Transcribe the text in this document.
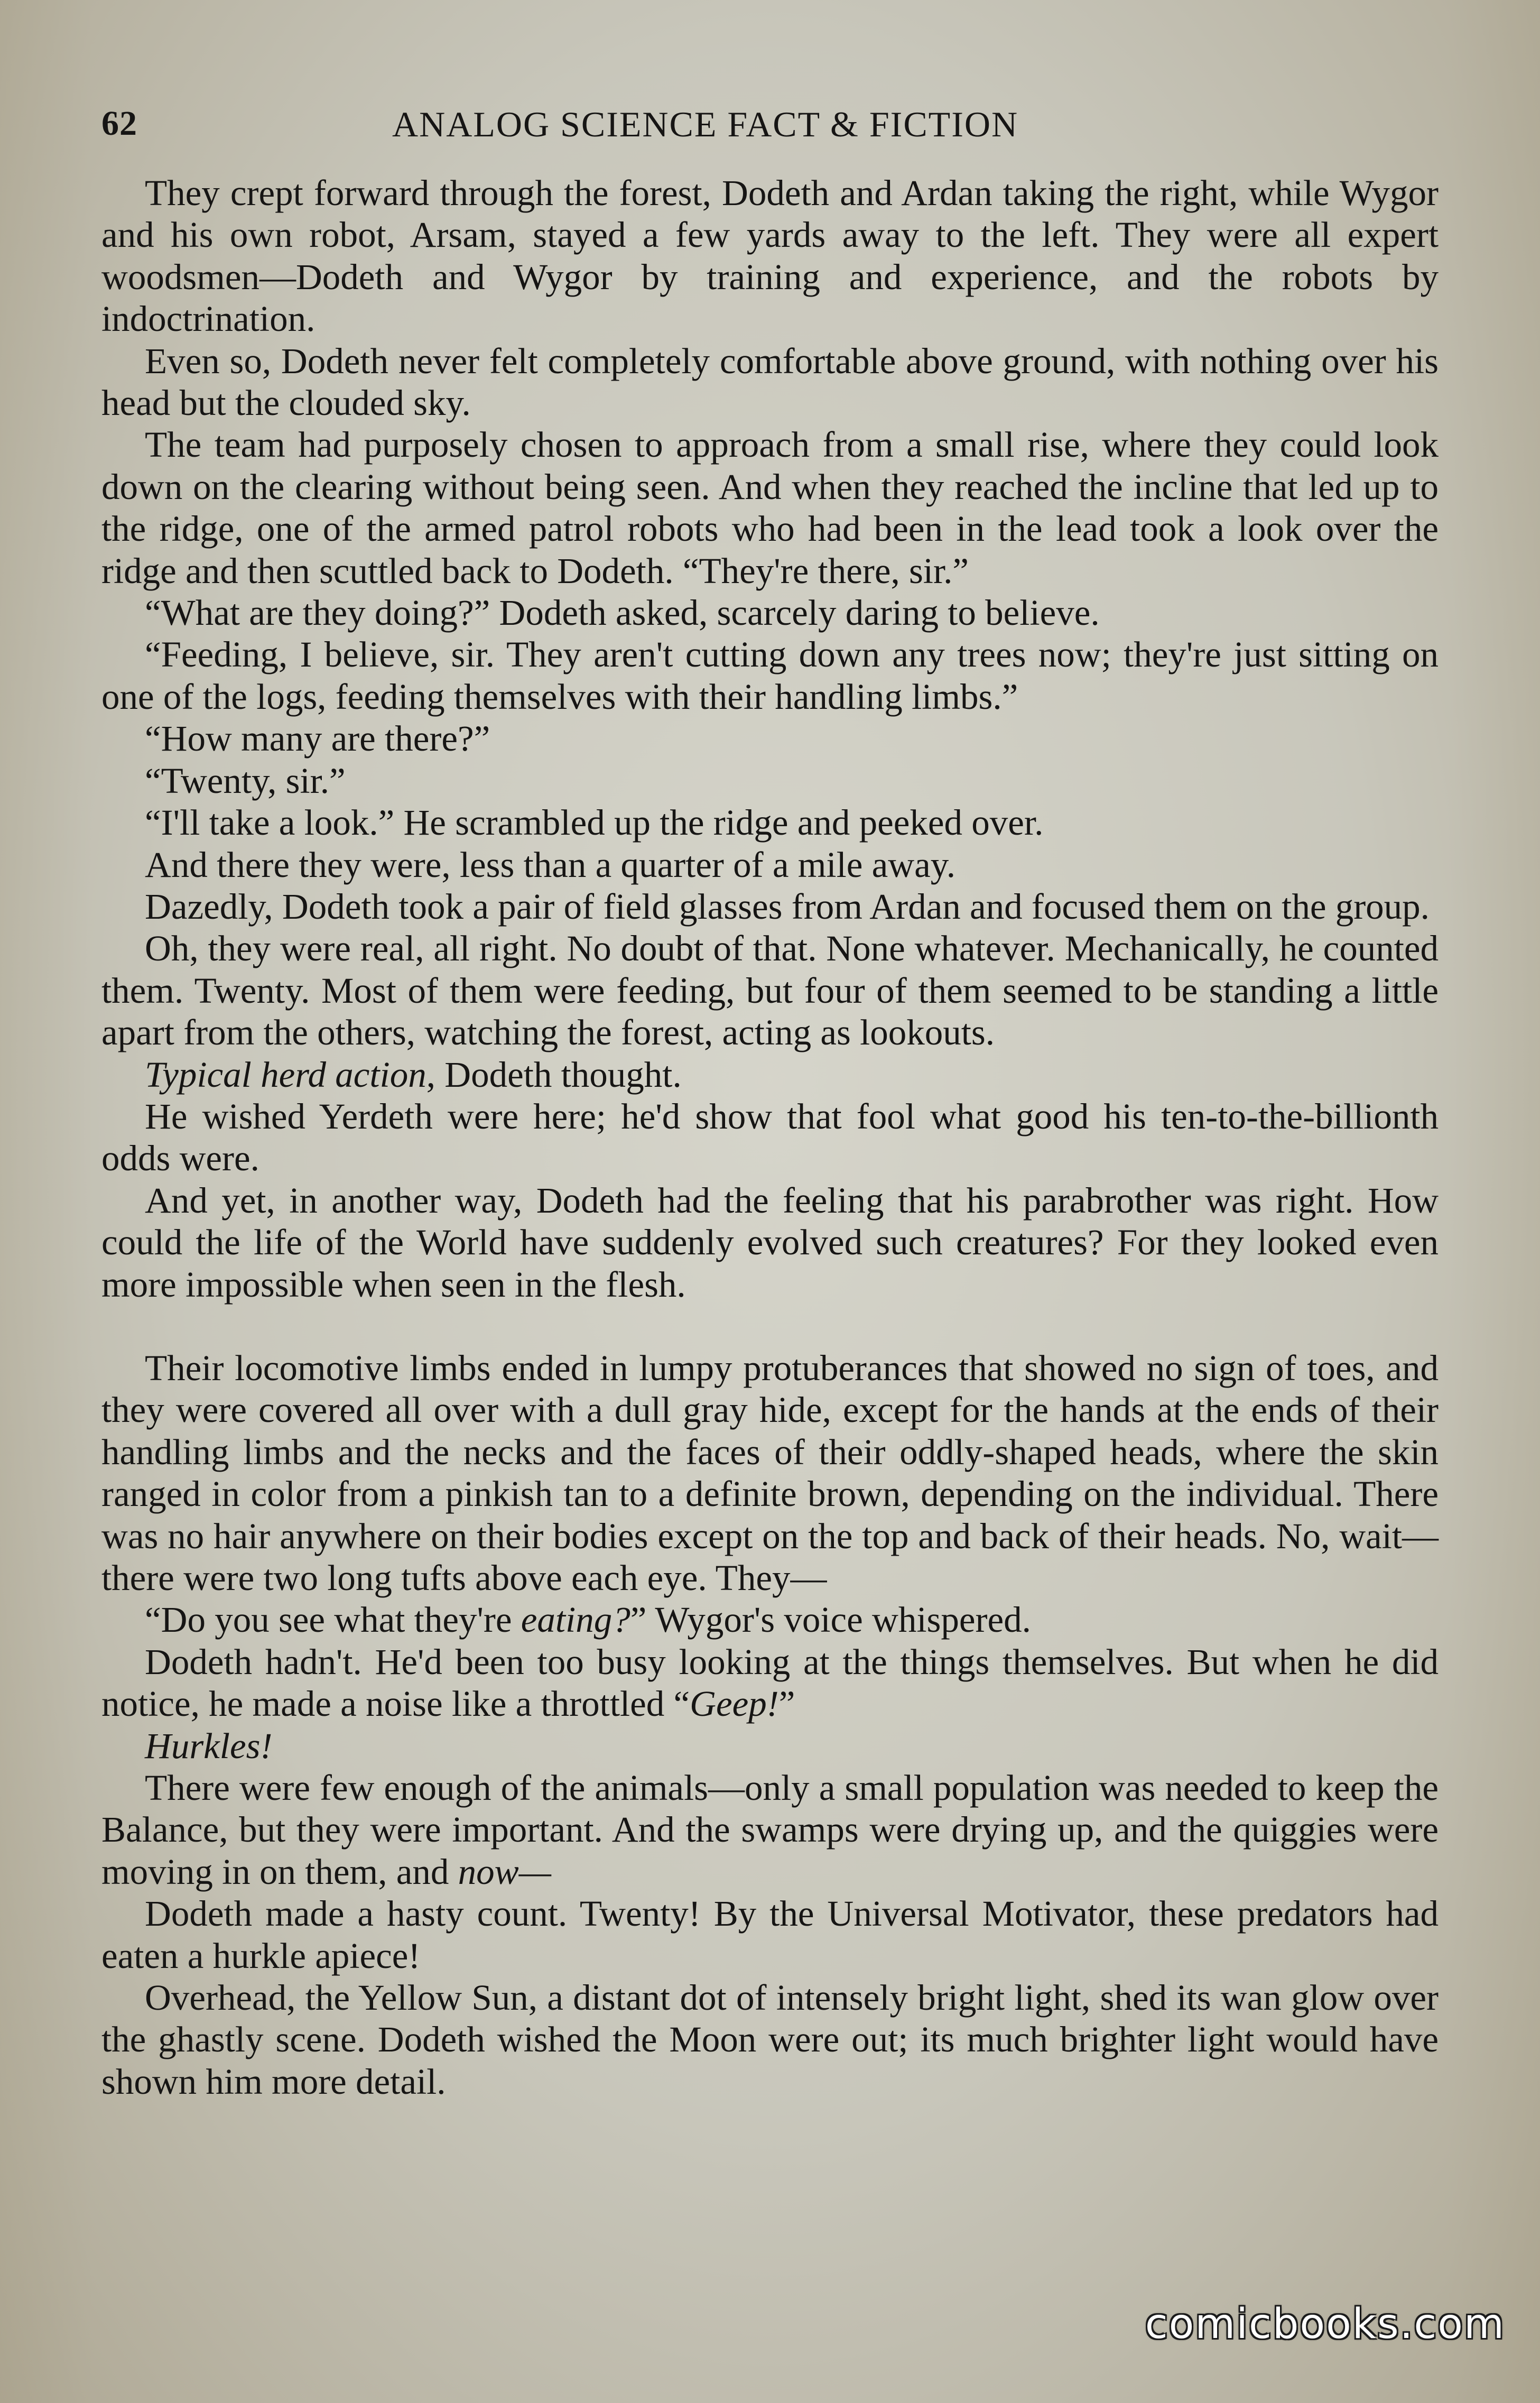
62	ANALOG SCIENCE FACT & FICTION

They crept forward through the forest, Dodeth and Ardan taking the right, while Wygor and his own robot, Arsam, stayed a few yards away to the left. They were all expert woodsmen—Dodeth and Wygor by training and experience, and the robots by indoctrination.

Even so, Dodeth never felt completely comfortable above ground, with nothing over his head but the clouded sky.

The team had purposely chosen to approach from a small rise, where they could look down on the clearing without being seen. And when they reached the incline that led up to the ridge, one of the armed patrol robots who had been in the lead took a look over the ridge and then scuttled back to Dodeth. “They're there, sir.”

“What are they doing?” Dodeth asked, scarcely daring to believe.

“Feeding, I believe, sir. They aren't cutting down any trees now; they're just sitting on one of the logs, feeding themselves with their handling limbs.”

“How many are there?”

“Twenty, sir.”

“I'll take a look.” He scrambled up the ridge and peeked over.

And there they were, less than a quarter of a mile away.

Dazedly, Dodeth took a pair of field glasses from Ardan and focused them on the group.

Oh, they were real, all right. No doubt of that. None whatever. Mechanically, he counted them. Twenty. Most of them were feeding, but four of them seemed to be standing a little apart from the others, watching the forest, acting as lookouts.

Typical herd action, Dodeth thought.

He wished Yerdeth were here; he'd show that fool what good his ten-to-the-billionth odds were.

And yet, in another way, Dodeth had the feeling that his parabrother was right. How could the life of the World have suddenly evolved such creatures? For they looked even more impossible when seen in the flesh.

Their locomotive limbs ended in lumpy protuberances that showed no sign of toes, and they were covered all over with a dull gray hide, except for the hands at the ends of their handling limbs and the necks and the faces of their oddly-shaped heads, where the skin ranged in color from a pinkish tan to a definite brown, depending on the individual. There was no hair anywhere on their bodies except on the top and back of their heads. No, wait—there were two long tufts above each eye. They—

“Do you see what they're eating?” Wygor's voice whispered.

Dodeth hadn't. He'd been too busy looking at the things themselves. But when he did notice, he made a noise like a throttled “Geep!”

Hurkles!

There were few enough of the animals—only a small population was needed to keep the Balance, but they were important. And the swamps were drying up, and the quiggies were moving in on them, and now—

Dodeth made a hasty count. Twenty! By the Universal Motivator, these predators had eaten a hurkle apiece!

Overhead, the Yellow Sun, a distant dot of intensely bright light, shed its wan glow over the ghastly scene. Dodeth wished the Moon were out; its much brighter light would have shown him more detail.

comicbooks.com
